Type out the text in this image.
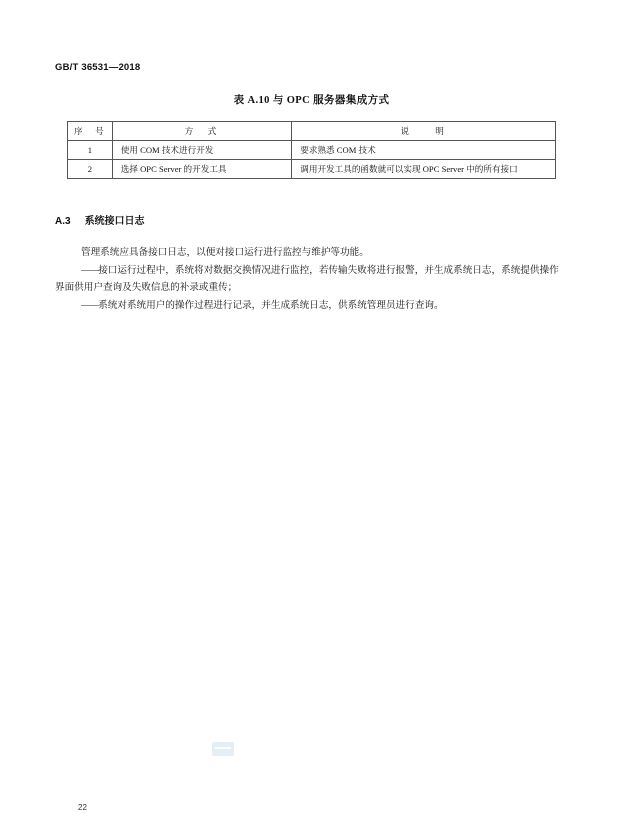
GB/T 36531—2018
表 A.10 与 OPC 服务器集成方式
序　号	方　式	说　　明
1	使用 COM 技术进行开发	要求熟悉 COM 技术
2	选择 OPC Server 的开发工具	调用开发工具的函数就可以实现 OPC Server 中的所有接口
A.3 系统接口日志
管理系统应具备接口日志，以便对接口运行进行监控与维护等功能。
——接口运行过程中，系统将对数据交换情况进行监控，若传输失败将进行报警，并生成系统日志，系统提供操作界面供用户查询及失败信息的补录或重传；
——系统对系统用户的操作过程进行记录，并生成系统日志，供系统管理员进行查询。
22
